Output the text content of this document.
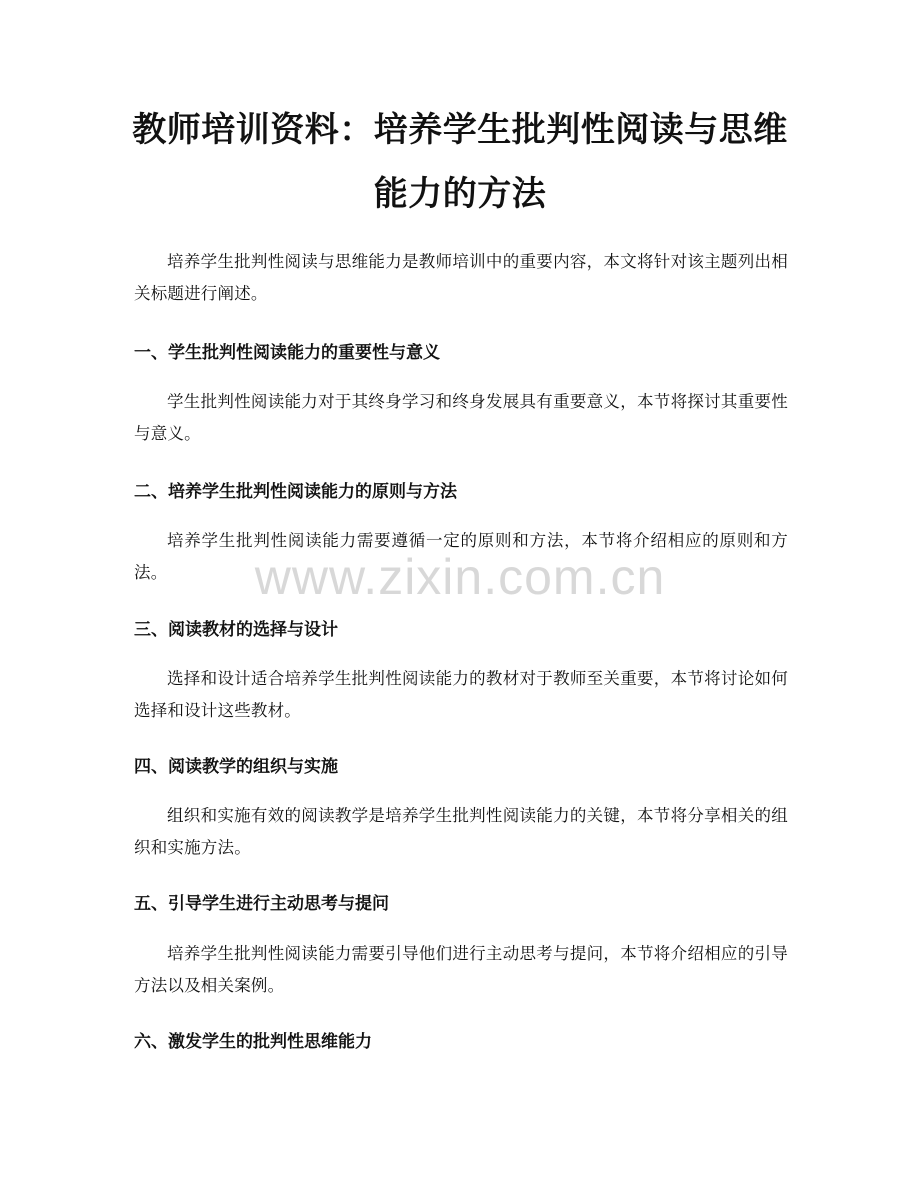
教师培训资料：培养学生批判性阅读与思维
能力的方法

培养学生批判性阅读与思维能力是教师培训中的重要内容，本文将针对该主题列出相关标题进行阐述。

一、学生批判性阅读能力的重要性与意义

学生批判性阅读能力对于其终身学习和终身发展具有重要意义，本节将探讨其重要性与意义。

二、培养学生批判性阅读能力的原则与方法

培养学生批判性阅读能力需要遵循一定的原则和方法，本节将介绍相应的原则和方法。

三、阅读教材的选择与设计

选择和设计适合培养学生批判性阅读能力的教材对于教师至关重要，本节将讨论如何选择和设计这些教材。

四、阅读教学的组织与实施

组织和实施有效的阅读教学是培养学生批判性阅读能力的关键，本节将分享相关的组织和实施方法。

五、引导学生进行主动思考与提问

培养学生批判性阅读能力需要引导他们进行主动思考与提问，本节将介绍相应的引导方法以及相关案例。

六、激发学生的批判性思维能力
www.zixin.com.cn
